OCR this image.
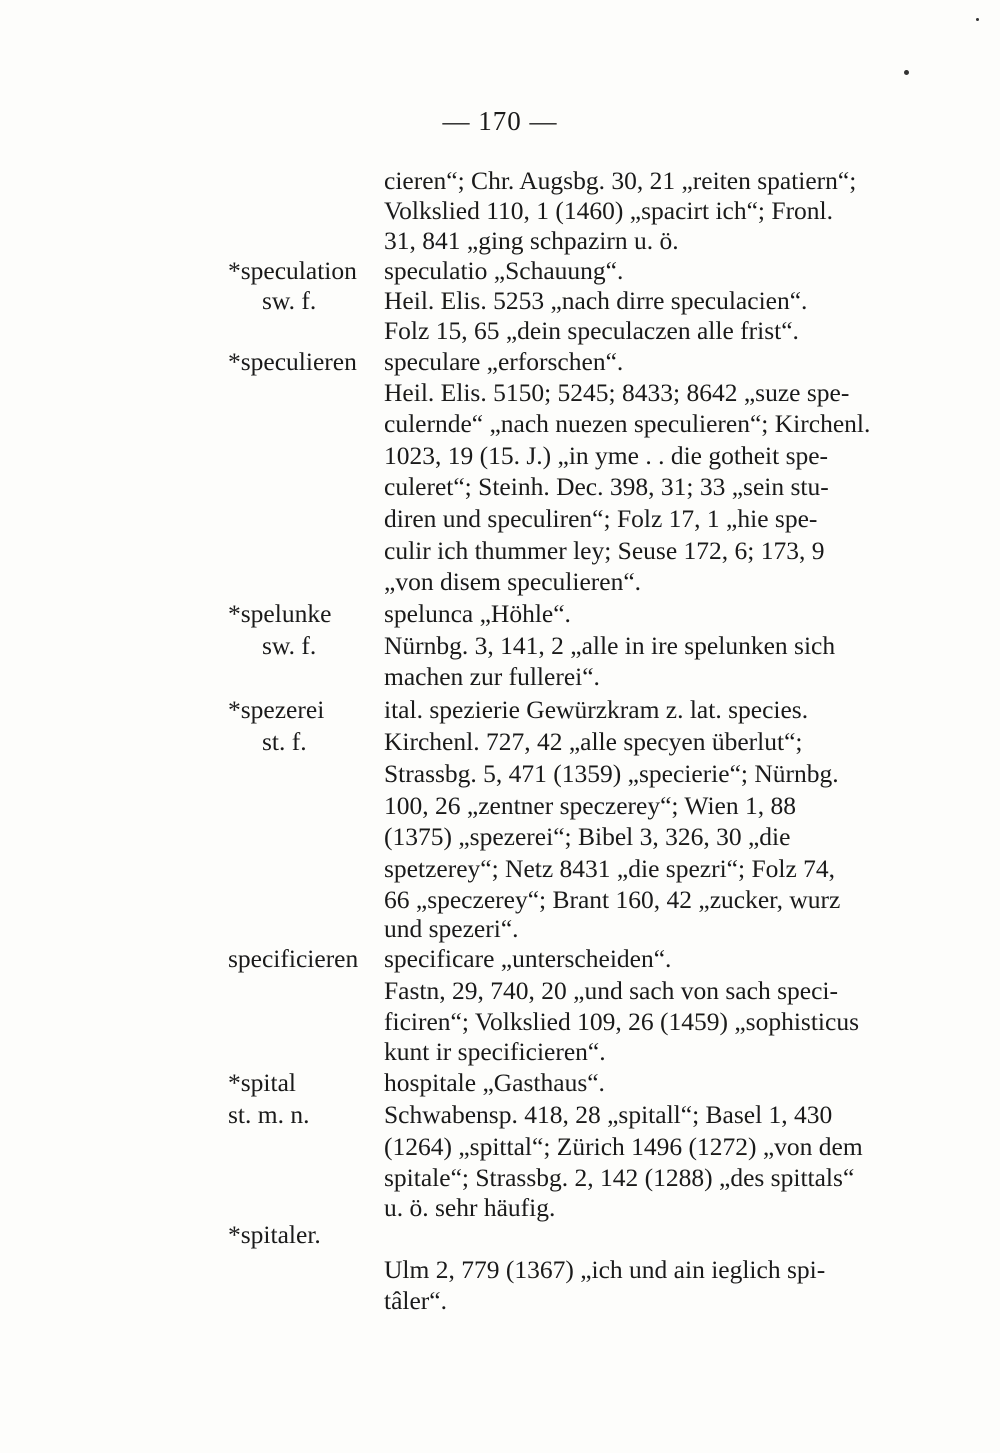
— 170 —
cieren“; Chr. Augsbg. 30, 21 „reiten spatiern“;
Volkslied 110, 1 (1460) „spacirt ich“; Fronl.
31, 841 „ging schpazirn u. ö.
*speculation
sw. f.
speculatio „Schauung“.
Heil. Elis. 5253 „nach dirre speculacien“.
Folz 15, 65 „dein speculaczen alle frist“.
*speculieren speculare „erforschen“.
Heil. Elis. 5150; 5245; 8433; 8642 „suze spe-
culernde“ „nach nuezen speculieren“; Kirchenl.
1023, 19 (15. J.) „in yme . . die gotheit spe-
culeret“; Steinh. Dec. 398, 31; 33 „sein stu-
diren und speculiren“; Folz 17, 1 „hie spe-
culir ich thummer ley; Seuse 172, 6; 173, 9
„von disem speculieren“.
*spelunke
sw. f.
spelunca „Höhle“.
Nürnbg. 3, 141, 2 „alle in ire spelunken sich
machen zur fullerei“.
*spezerei
st. f.
ital. spezierie Gewürzkram z. lat. species.
Kirchenl. 727, 42 „alle specyen überlut“;
Strassbg. 5, 471 (1359) „specierie“; Nürnbg.
100, 26 „zentner speczerey“; Wien 1, 88
(1375) „spezerei“; Bibel 3, 326, 30 „die
spetzerey“; Netz 8431 „die spezri“; Folz 74,
66 „speczerey“; Brant 160, 42 „zucker, wurz
und spezeri“.
specificieren specificare „unterscheiden“.
Fastn, 29, 740, 20 „und sach von sach speci-
ficiren“; Volkslied 109, 26 (1459) „sophisticus
kunt ir specificieren“.
*spital
st. m. n.
hospitale „Gasthaus“.
Schwabensp. 418, 28 „spitall“; Basel 1, 430
(1264) „spittal“; Zürich 1496 (1272) „von dem
spitale“; Strassbg. 2, 142 (1288) „des spittals“
u. ö. sehr häufig.
*spitaler.
Ulm 2, 779 (1367) „ich und ain ieglich spi-
tâler“.
